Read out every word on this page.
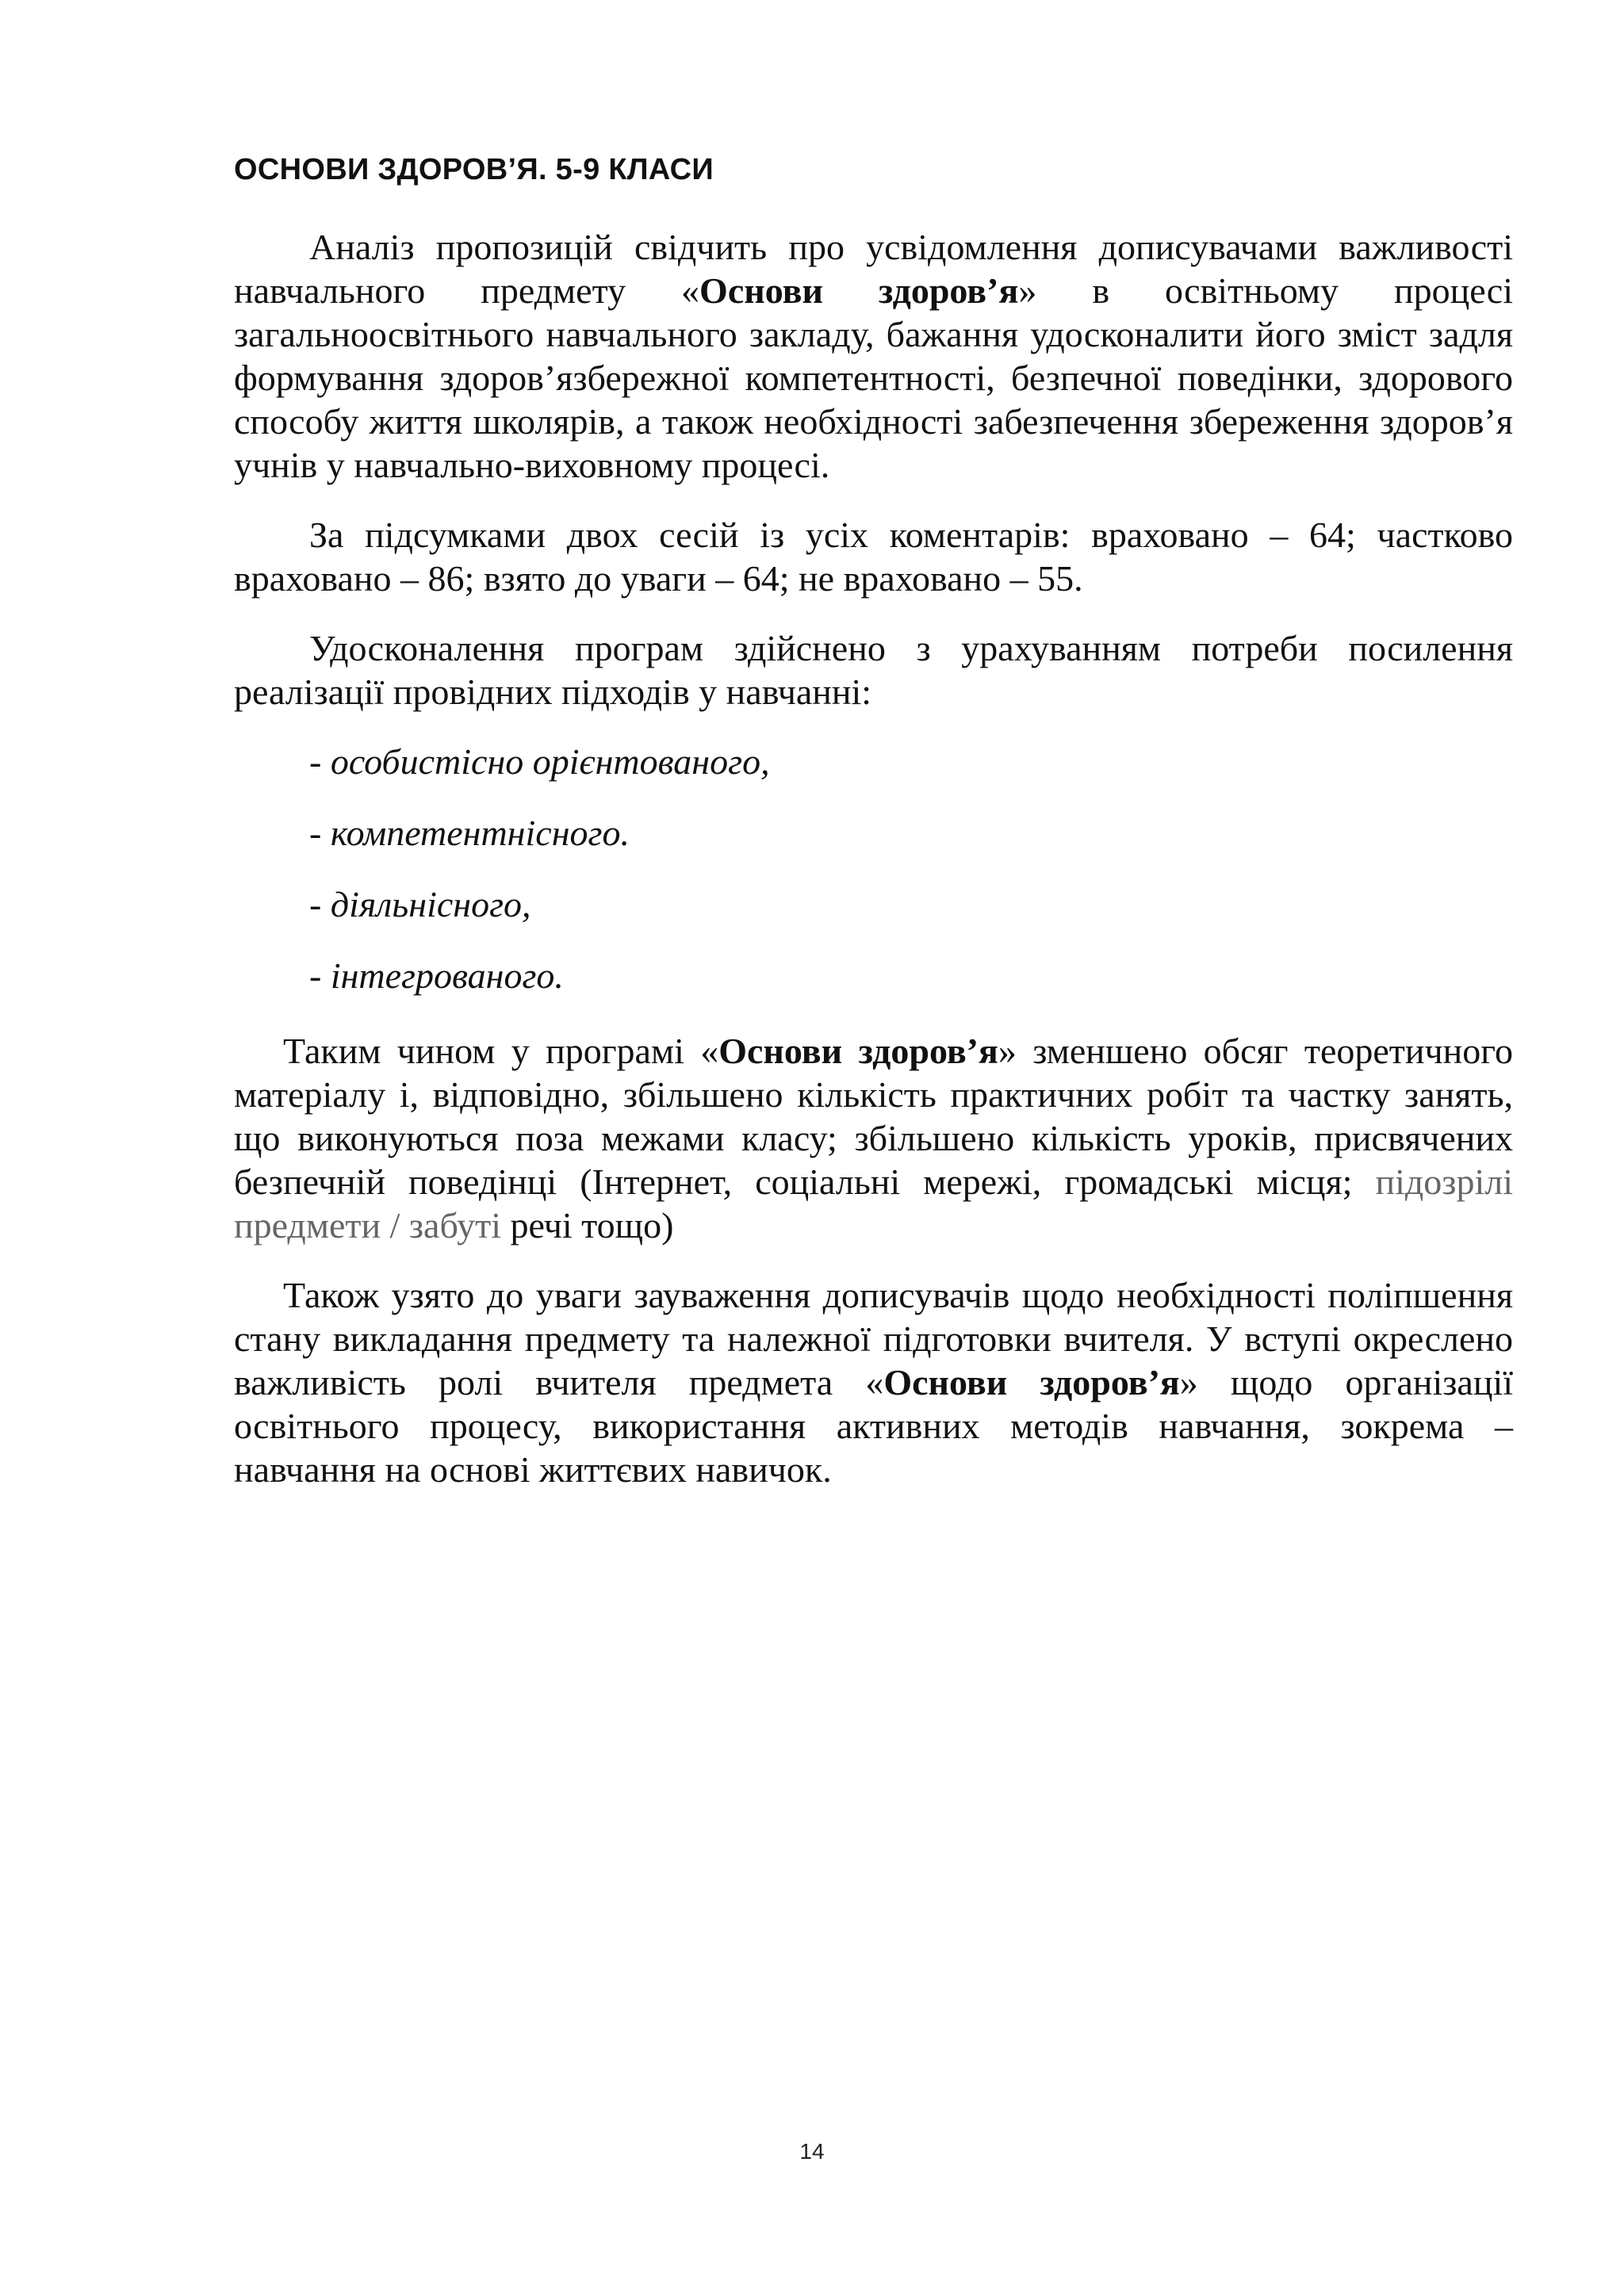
ОСНОВИ ЗДОРОВ’Я. 5-9 КЛАСИ

Аналіз пропозицій свідчить про усвідомлення дописувачами важливості навчального предмету «Основи здоров’я» в освітньому процесі загальноосвітнього навчального закладу, бажання удосконалити його зміст задля формування здоров’язбережної компетентності, безпечної поведінки, здорового способу життя школярів, а також необхідності забезпечення збереження здоров’я учнів у навчально-виховному процесі.

За підсумками двох сесій із усіх коментарів: враховано – 64; частково враховано – 86; взято до уваги – 64; не враховано – 55.

Удосконалення програм здійснено з урахуванням потреби посилення реалізації провідних підходів у навчанні:

- особистісно орієнтованого,
- компетентнісного.
- діяльнісного,
- інтегрованого.

Таким чином у програмі «Основи здоров’я» зменшено обсяг теоретичного матеріалу і, відповідно, збільшено кількість практичних робіт та частку занять, що виконуються поза межами класу; збільшено кількість уроків, присвячених безпечній поведінці (Інтернет, соціальні мережі, громадські місця; підозрілі предмети / забуті речі тощо)

Також узято до уваги зауваження дописувачів щодо необхідності поліпшення стану викладання предмету та належної підготовки вчителя. У вступі окреслено важливість ролі вчителя предмета «Основи здоров’я» щодо організації освітнього процесу, використання активних методів навчання, зокрема – навчання на основі життєвих навичок.

14
